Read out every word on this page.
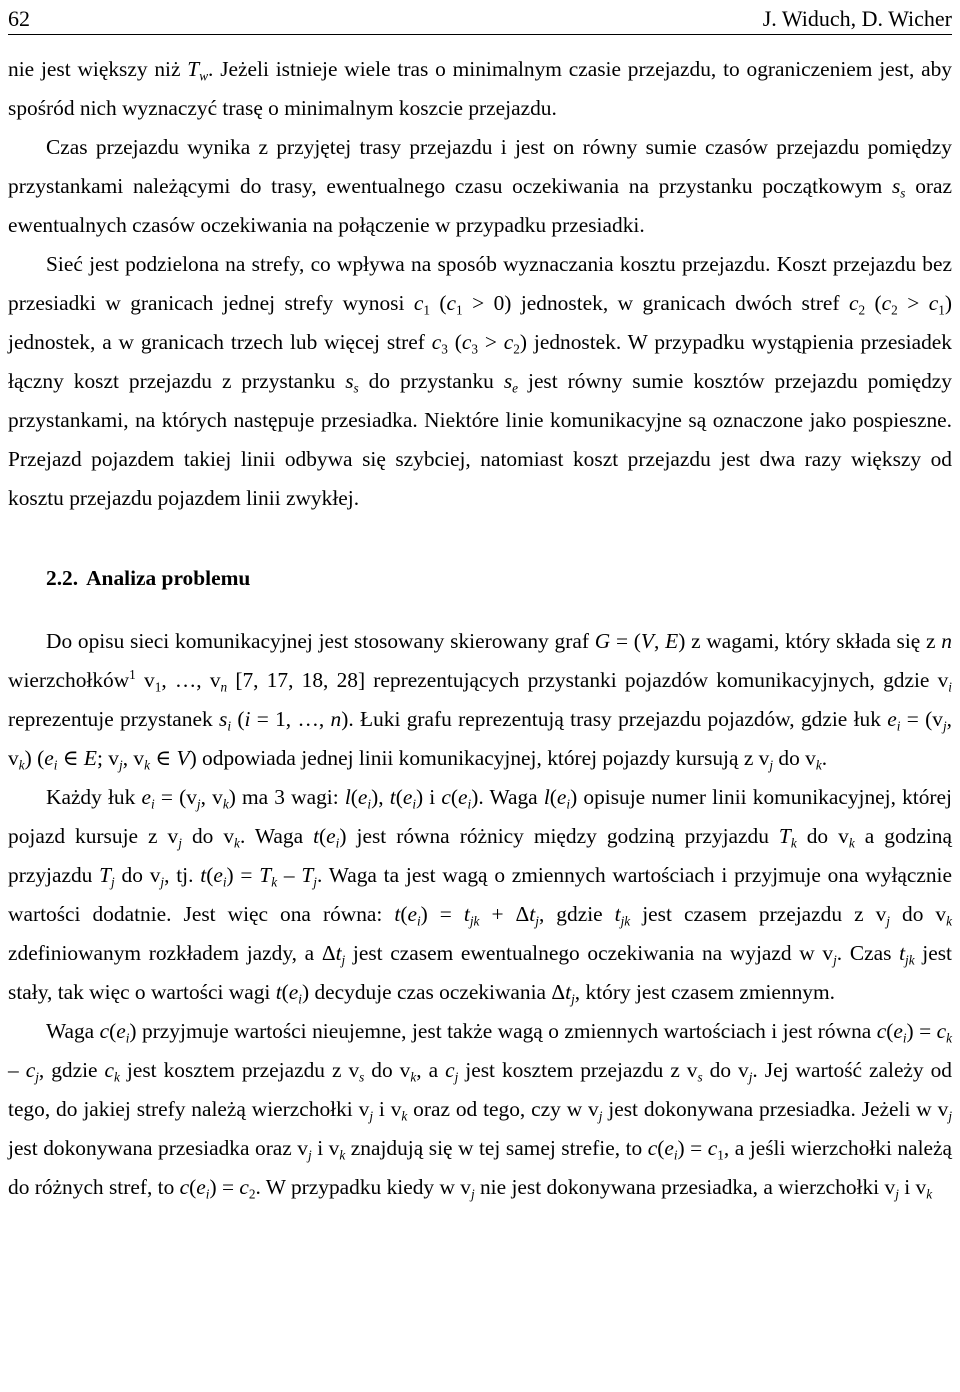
62	J. Widuch, D. Wicher

nie jest większy niż $T_w$. Jeżeli istnieje wiele tras o minimalnym czasie przejazdu, to ograniczeniem jest, aby spośród nich wyznaczyć trasę o minimalnym koszcie przejazdu.

Czas przejazdu wynika z przyjętej trasy przejazdu i jest on równy sumie czasów przejazdu pomiędzy przystankami należącymi do trasy, ewentualnego czasu oczekiwania na przystanku początkowym $s_s$ oraz ewentualnych czasów oczekiwania na połączenie w przypadku przesiadki.

Sieć jest podzielona na strefy, co wpływa na sposób wyznaczania kosztu przejazdu. Koszt przejazdu bez przesiadki w granicach jednej strefy wynosi $c_1$ $(c_1 > 0)$ jednostek, w granicach dwóch stref $c_2$ $(c_2 > c_1)$ jednostek, a w granicach trzech lub więcej stref $c_3$ $(c_3 > c_2)$ jednostek. W przypadku wystąpienia przesiadek łączny koszt przejazdu z przystanku $s_s$ do przystanku $s_e$ jest równy sumie kosztów przejazdu pomiędzy przystankami, na których następuje przesiadka. Niektóre linie komunikacyjne są oznaczone jako pospieszne. Przejazd pojazdem takiej linii odbywa się szybciej, natomiast koszt przejazdu jest dwa razy większy od kosztu przejazdu pojazdem linii zwykłej.

2.2. Analiza problemu

Do opisu sieci komunikacyjnej jest stosowany skierowany graf G = (V, E) z wagami, który składa się z n wierzchołków$^1$ $v_1$, …, $v_n$ [7, 17, 18, 28] reprezentujących przystanki pojazdów komunikacyjnych, gdzie $v_i$ reprezentuje przystanek $s_i$ (i = 1, …, n). Łuki grafu reprezentują trasy przejazdu pojazdów, gdzie łuk $e_i = (v_j$, $v_k$) ($e_i$ ∈ E; $v_j$, $v_k$ ∈ V) odpowiada jednej linii komunikacyjnej, której pojazdy kursują z $v_j$ do $v_k$.

Każdy łuk $e_i = (v_j$, $v_k$) ma 3 wagi: $l(e_i)$, $t(e_i)$ i $c(e_i)$. Waga $l(e_i)$ opisuje numer linii komunikacyjnej, której pojazd kursuje z $v_j$ do $v_k$. Waga $t(e_i)$ jest równa różnicy między godziną przyjazdu $T_k$ do $v_k$ a godziną przyjazdu $T_j$ do $v_j$, tj. $t(e_i) = T_k - T_j$. Waga ta jest wagą o zmiennych wartościach i przyjmuje ona wyłącznie wartości dodatnie. Jest więc ona równa: $t(e_i) = t_{jk} + \Delta t_j$, gdzie $t_{jk}$ jest czasem przejazdu z $v_j$ do $v_k$ zdefiniowanym rozkładem jazdy, a $\Delta t_j$ jest czasem ewentualnego oczekiwania na wyjazd w $v_j$. Czas $t_{jk}$ jest stały, tak więc o wartości wagi $t(e_i)$ decyduje czas oczekiwania $\Delta t_j$, który jest czasem zmiennym.

Waga $c(e_i)$ przyjmuje wartości nieujemne, jest także wagą o zmiennych wartościach i jest równa $c(e_i) = c_k - c_j$, gdzie $c_k$ jest kosztem przejazdu z $v_s$ do $v_k$, a $c_j$ jest kosztem przejazdu z $v_s$ do $v_j$. Jej wartość zależy od tego, do jakiej strefy należą wierzchołki $v_j$ i $v_k$ oraz od tego, czy w $v_j$ jest dokonywana przesiadka. Jeżeli w $v_j$ jest dokonywana przesiadka oraz $v_j$ i $v_k$ znajdują się w tej samej strefie, to $c(e_i) = c_1$, a jeśli wierzchołki należą do różnych stref, to $c(e_i) = c_2$. W przypadku kiedy w $v_j$ nie jest dokonywana przesiadka, a wierzchołki $v_j$ i $v_k$
